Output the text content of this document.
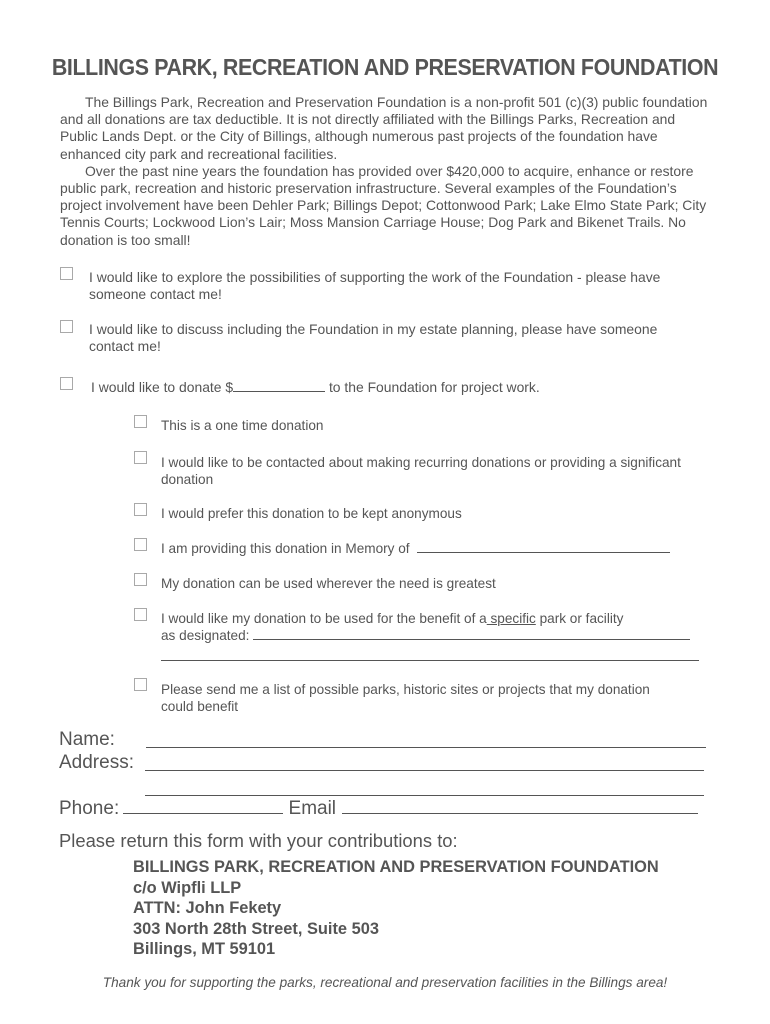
BILLINGS PARK, RECREATION AND PRESERVATION FOUNDATION

The Billings Park, Recreation and Preservation Foundation is a non-profit 501 (c)(3) public foundation and all donations are tax deductible. It is not directly affiliated with the Billings Parks, Recreation and Public Lands Dept. or the City of Billings, although numerous past projects of the foundation have enhanced city park and recreational facilities.

Over the past nine years the foundation has provided over $420,000 to acquire, enhance or restore public park, recreation and historic preservation infrastructure. Several examples of the Foundation’s project involvement have been Dehler Park; Billings Depot; Cottonwood Park; Lake Elmo State Park; City Tennis Courts; Lockwood Lion’s Lair; Moss Mansion Carriage House; Dog Park and Bikenet Trails. No donation is too small!

I would like to explore the possibilities of supporting the work of the Foundation - please have someone contact me!
I would like to discuss including the Foundation in my estate planning, please have someone contact me!
I would like to donate $	to the Foundation for project work.
This is a one time donation
I would like to be contacted about making recurring donations or providing a significant donation
I would prefer this donation to be kept anonymous
I am providing this donation in Memory of
My donation can be used wherever the need is greatest
I would like my donation to be used for the benefit of a specific park or facility
as designated:
Please send me a list of possible parks, historic sites or projects that my donation could benefit
Name:
Address:
Phone:	Email
Please return this form with your contributions to:
BILLINGS PARK, RECREATION AND PRESERVATION FOUNDATION
c/o Wipfli LLP
ATTN: John Fekety
303 North 28th Street, Suite 503
Billings, MT 59101
Thank you for supporting the parks, recreational and preservation facilities in the Billings area!
